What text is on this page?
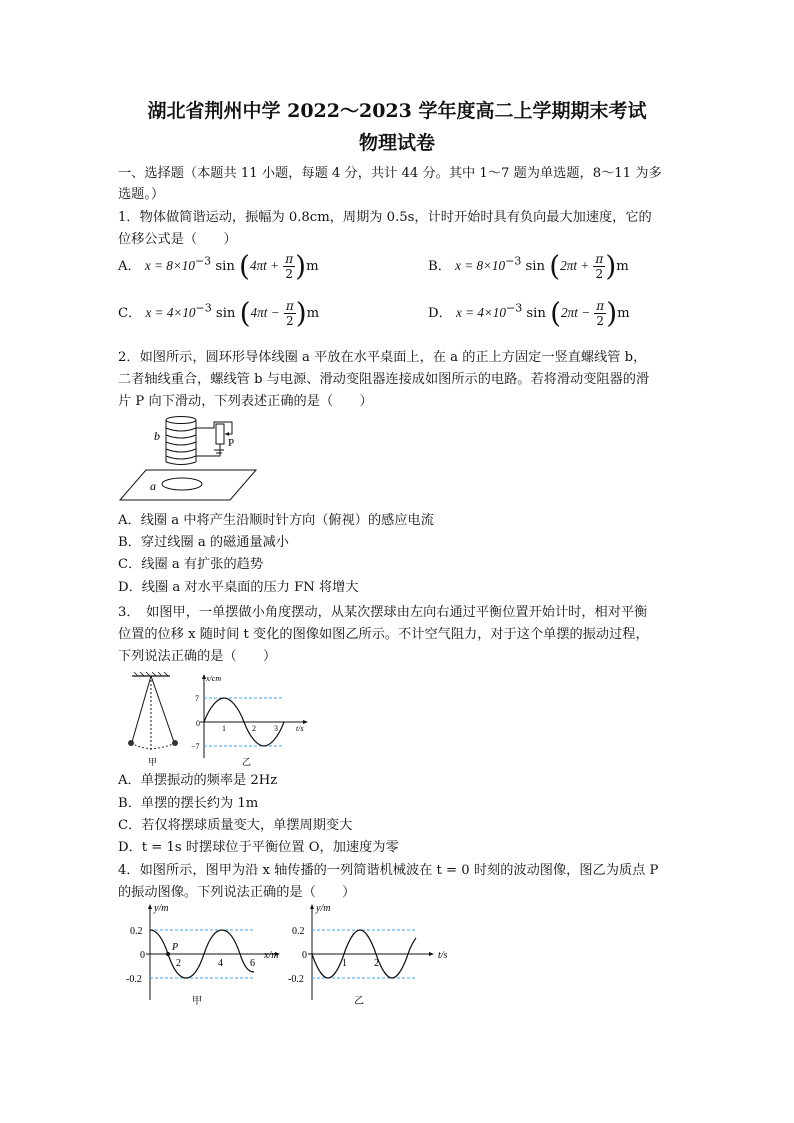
湖北省荆州中学 2022～2023 学年度高二上学期期末考试
物理试卷
一、选择题（本题共 11 小题，每题 4 分，共计 44 分。其中 1～7 题为单选题，8～11 为多
选题。）
1．物体做简谐运动，振幅为 0.8cm，周期为 0.5s，计时开始时具有负向最大加速度，它的
位移公式是（　　）
A． $x = 8\times 10^{-3}$ $\sin (4\pi t + \frac{\pi}{2} )m$	B． $x = 8\times 10^{-3}$ $\sin (2\pi t + \frac{\pi}{2} )m$
C． $x = 4\times 10^{-3}$ $\sin (4\pi t - \frac{\pi}{2} )m$	D． $x = 4\times 10^{-3}$ $\sin (2\pi t - \frac{\pi}{2} )m$
2．如图所示，圆环形导体线圈 a 平放在水平桌面上，在 a 的正上方固定一竖直螺线管 b，
二者轴线重合，螺线管 b 与电源、滑动变阻器连接成如图所示的电路。若将滑动变阻器的滑
片 P 向下滑动，下列表述正确的是（　　）
b
a
P
A．线圈 a 中将产生沿顺时针方向（俯视）的感应电流
B．穿过线圈 a 的磁通量减小
C．线圈 a 有扩张的趋势
D．线圈 a 对水平桌面的压力 FN 将增大
3．　如图甲，一单摆做小角度摆动，从某次摆球由左向右通过平衡位置开始计时，相对平衡
位置的位移 x 随时间 t 变化的图像如图乙所示。不计空气阻力，对于这个单摆的振动过程，
下列说法正确的是（　　）
甲
x/cm
7
−7
0
1	2 3 t/s
乙
A．单摆振动的频率是 2Hz
B．单摆的摆长约为 1m
C．若仅将摆球质量变大，单摆周期变大
D．t = 1s 时摆球位于平衡位置 O，加速度为零
4．如图所示，图甲为沿 x 轴传播的一列简谐机械波在 t = 0 时刻的波动图像，图乙为质点 P
的振动图像。下列说法正确的是（　　）
y/m
0.2
-0.2
0
P
2	4	6
x/m
甲
y/m
0.2
-0.2
0
1	2
t/s
乙
